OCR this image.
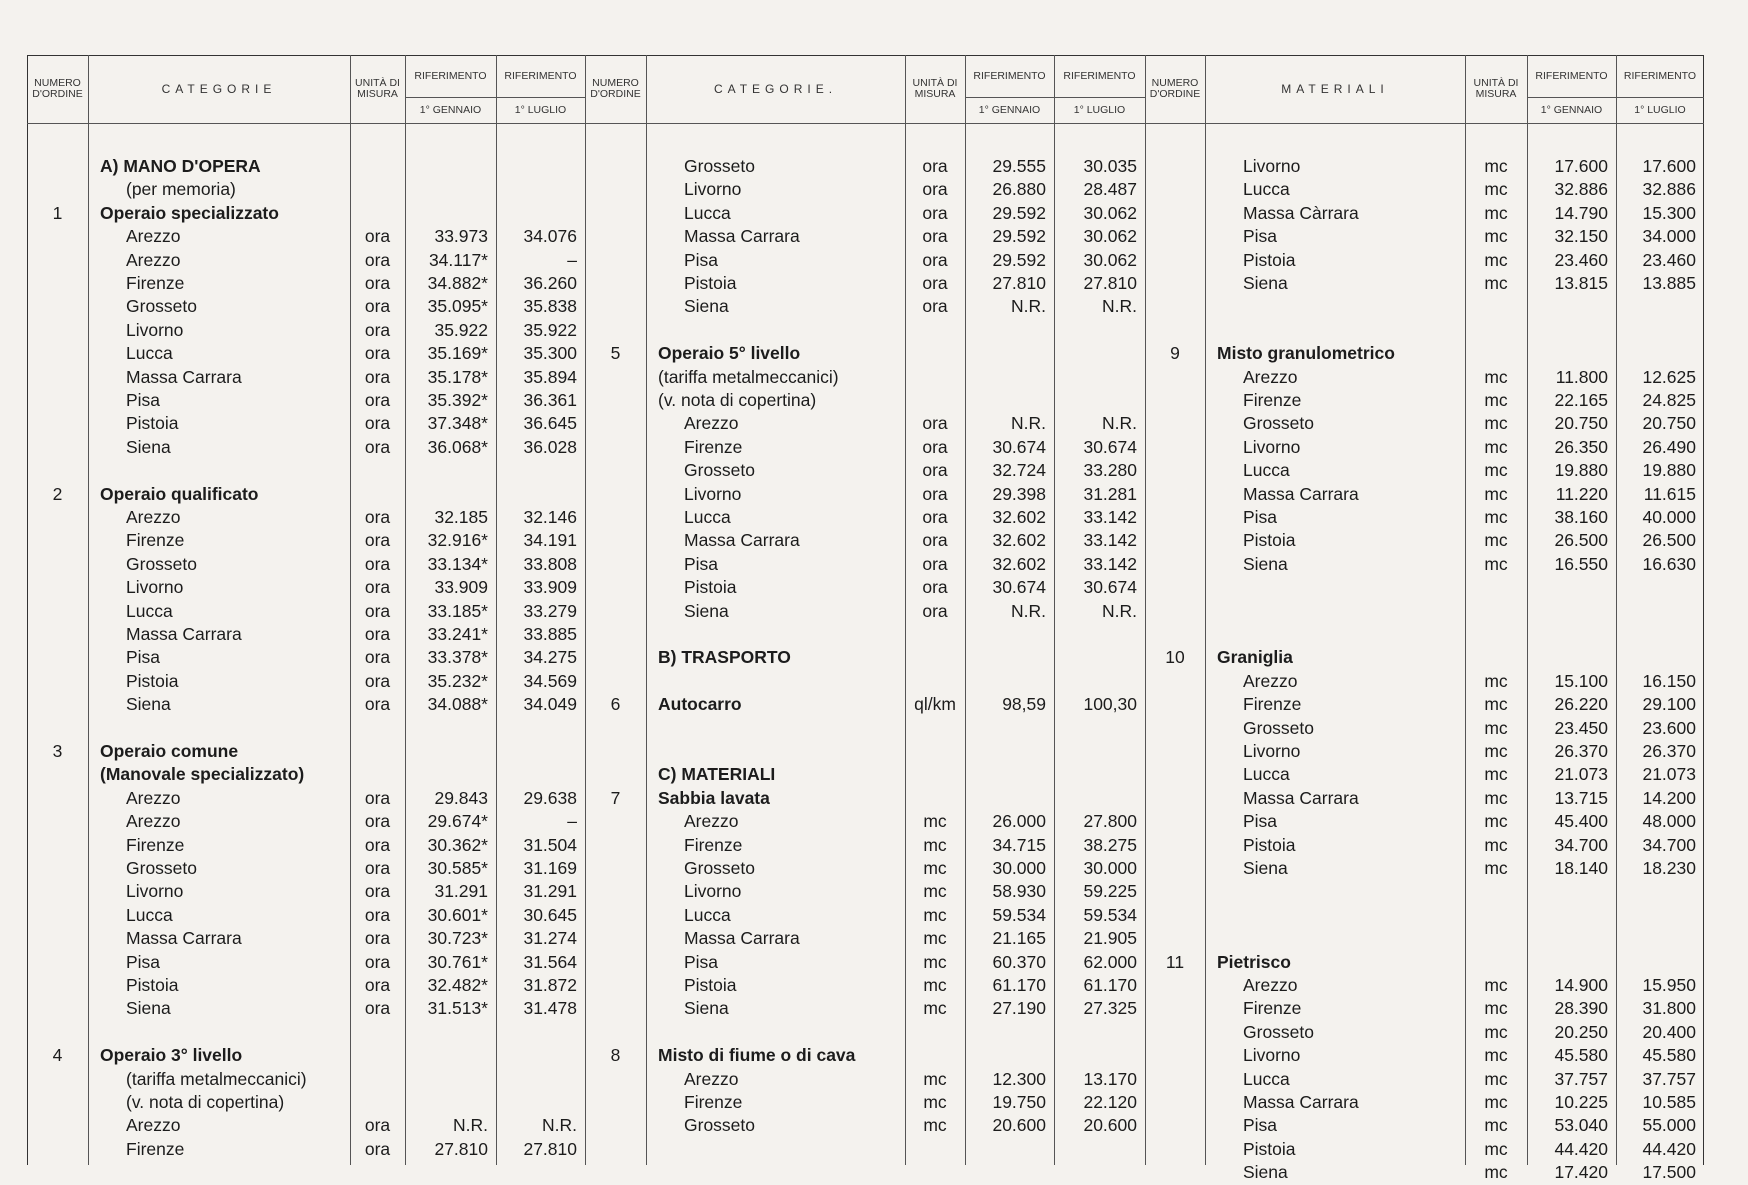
NUMERO D'ORDINE	CATEGORIE	UNITÀ DI MISURA
RIFERIMENTO	RIFERIMENTO
1° GENNAIO	1° LUGLIO
NUMERO D'ORDINE	CATEGORIE.	UNITÀ DI MISURA
RIFERIMENTO	RIFERIMENTO
1° GENNAIO	1° LUGLIO
NUMERO D'ORDINE	MATERIALI	UNITÀ DI MISURA
RIFERIMENTO	RIFERIMENTO
1° GENNAIO	1° LUGLIO
A) MANO D'OPERA
(per memoria)
1	Operaio specializzato
Arezzo	ora	33.973	34.076
Arezzo	ora	34.117*	–
Firenze	ora	34.882*	36.260
Grosseto	ora	35.095*	35.838
Livorno	ora	35.922	35.922
Lucca	ora	35.169*	35.300
Massa Carrara	ora	35.178*	35.894
Pisa	ora	35.392*	36.361
Pistoia	ora	37.348*	36.645
Siena	ora	36.068*	36.028
2	Operaio qualificato
Arezzo	ora	32.185	32.146
Firenze	ora	32.916*	34.191
Grosseto	ora	33.134*	33.808
Livorno	ora	33.909	33.909
Lucca	ora	33.185*	33.279
Massa Carrara	ora	33.241*	33.885
Pisa	ora	33.378*	34.275
Pistoia	ora	35.232*	34.569
Siena	ora	34.088*	34.049
3	Operaio comune
(Manovale specializzato)
Arezzo	ora	29.843	29.638
Arezzo	ora	29.674*	–
Firenze	ora	30.362*	31.504
Grosseto	ora	30.585*	31.169
Livorno	ora	31.291	31.291
Lucca	ora	30.601*	30.645
Massa Carrara	ora	30.723*	31.274
Pisa	ora	30.761*	31.564
Pistoia	ora	32.482*	31.872
Siena	ora	31.513*	31.478
4	Operaio 3° livello
(tariffa metalmeccanici)
(v. nota di copertina)
Arezzo	ora	N.R.	N.R.
Firenze	ora	27.810	27.810
Grosseto	ora	29.555	30.035
Livorno	ora	26.880	28.487
Lucca	ora	29.592	30.062
Massa Carrara	ora	29.592	30.062
Pisa	ora	29.592	30.062
Pistoia	ora	27.810	27.810
Siena	ora	N.R.	N.R.
5	Operaio 5° livello
(tariffa metalmeccanici)
(v. nota di copertina)
Arezzo	ora	N.R.	N.R.
Firenze	ora	30.674	30.674
Grosseto	ora	32.724	33.280
Livorno	ora	29.398	31.281
Lucca	ora	32.602	33.142
Massa Carrara	ora	32.602	33.142
Pisa	ora	32.602	33.142
Pistoia	ora	30.674	30.674
Siena	ora	N.R.	N.R.
B) TRASPORTO
6	Autocarro	ql/km	98,59	100,30
C) MATERIALI
7	Sabbia lavata
Arezzo	mc	26.000	27.800
Firenze	mc	34.715	38.275
Grosseto	mc	30.000	30.000
Livorno	mc	58.930	59.225
Lucca	mc	59.534	59.534
Massa Carrara	mc	21.165	21.905
Pisa	mc	60.370	62.000
Pistoia	mc	61.170	61.170
Siena	mc	27.190	27.325
8	Misto di fiume o di cava
Arezzo	mc	12.300	13.170
Firenze	mc	19.750	22.120
Grosseto	mc	20.600	20.600
Livorno	mc	17.600	17.600
Lucca	mc	32.886	32.886
Massa Càrrara	mc	14.790	15.300
Pisa	mc	32.150	34.000
Pistoia	mc	23.460	23.460
Siena	mc	13.815	13.885
9	Misto granulometrico
Arezzo	mc	11.800	12.625
Firenze	mc	22.165	24.825
Grosseto	mc	20.750	20.750
Livorno	mc	26.350	26.490
Lucca	mc	19.880	19.880
Massa Carrara	mc	11.220	11.615
Pisa	mc	38.160	40.000
Pistoia	mc	26.500	26.500
Siena	mc	16.550	16.630
10	Graniglia
Arezzo	mc	15.100	16.150
Firenze	mc	26.220	29.100
Grosseto	mc	23.450	23.600
Livorno	mc	26.370	26.370
Lucca	mc	21.073	21.073
Massa Carrara	mc	13.715	14.200
Pisa	mc	45.400	48.000
Pistoia	mc	34.700	34.700
Siena	mc	18.140	18.230
11	Pietrisco
Arezzo	mc	14.900	15.950
Firenze	mc	28.390	31.800
Grosseto	mc	20.250	20.400
Livorno	mc	45.580	45.580
Lucca	mc	37.757	37.757
Massa Carrara	mc	10.225	10.585
Pisa	mc	53.040	55.000
Pistoia	mc	44.420	44.420
Siena	mc	17.420	17.500
